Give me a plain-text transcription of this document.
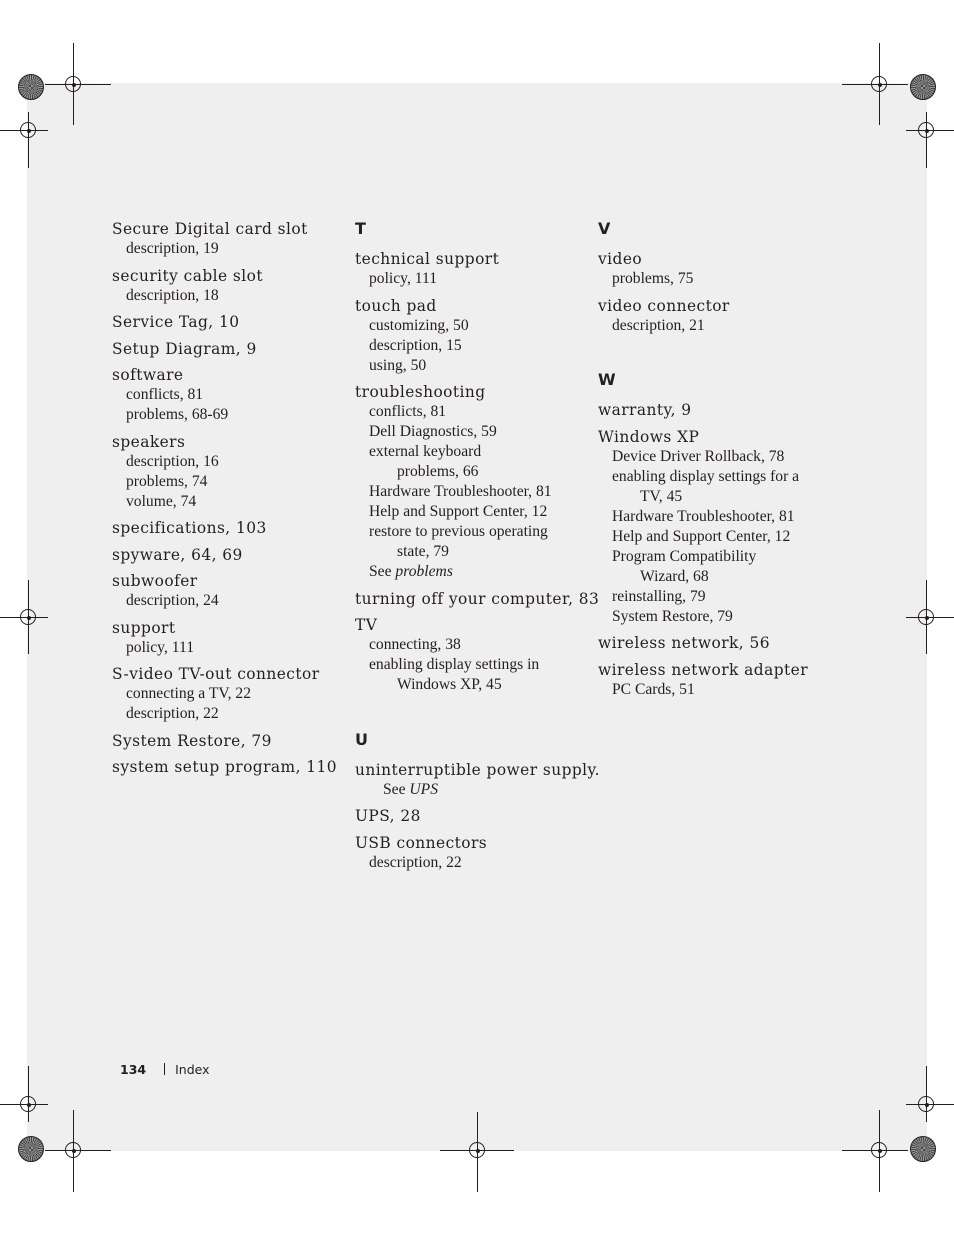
Secure Digital card slot
description, 19
security cable slot
description, 18
Service Tag, 10
Setup Diagram, 9
software
conflicts, 81
problems, 68-69
speakers
description, 16
problems, 74
volume, 74
specifications, 103
spyware, 64, 69
subwoofer
description, 24
support
policy, 111
S-video TV-out connector
connecting a TV, 22
description, 22
System Restore, 79
system setup program, 110
T
technical support
policy, 111
touch pad
customizing, 50
description, 15
using, 50
troubleshooting
conflicts, 81
Dell Diagnostics, 59
external keyboard
problems, 66
Hardware Troubleshooter, 81
Help and Support Center, 12
restore to previous operating
state, 79
See problems
turning off your computer, 83
TV
connecting, 38
enabling display settings in
Windows XP, 45
U
uninterruptible power supply.
See UPS
UPS, 28
USB connectors
description, 22
V
video
problems, 75
video connector
description, 21
W
warranty, 9
Windows XP
Device Driver Rollback, 78
enabling display settings for a
TV, 45
Hardware Troubleshooter, 81
Help and Support Center, 12
Program Compatibility
Wizard, 68
reinstalling, 79
System Restore, 79
wireless network, 56
wireless network adapter
PC Cards, 51
134 Index
